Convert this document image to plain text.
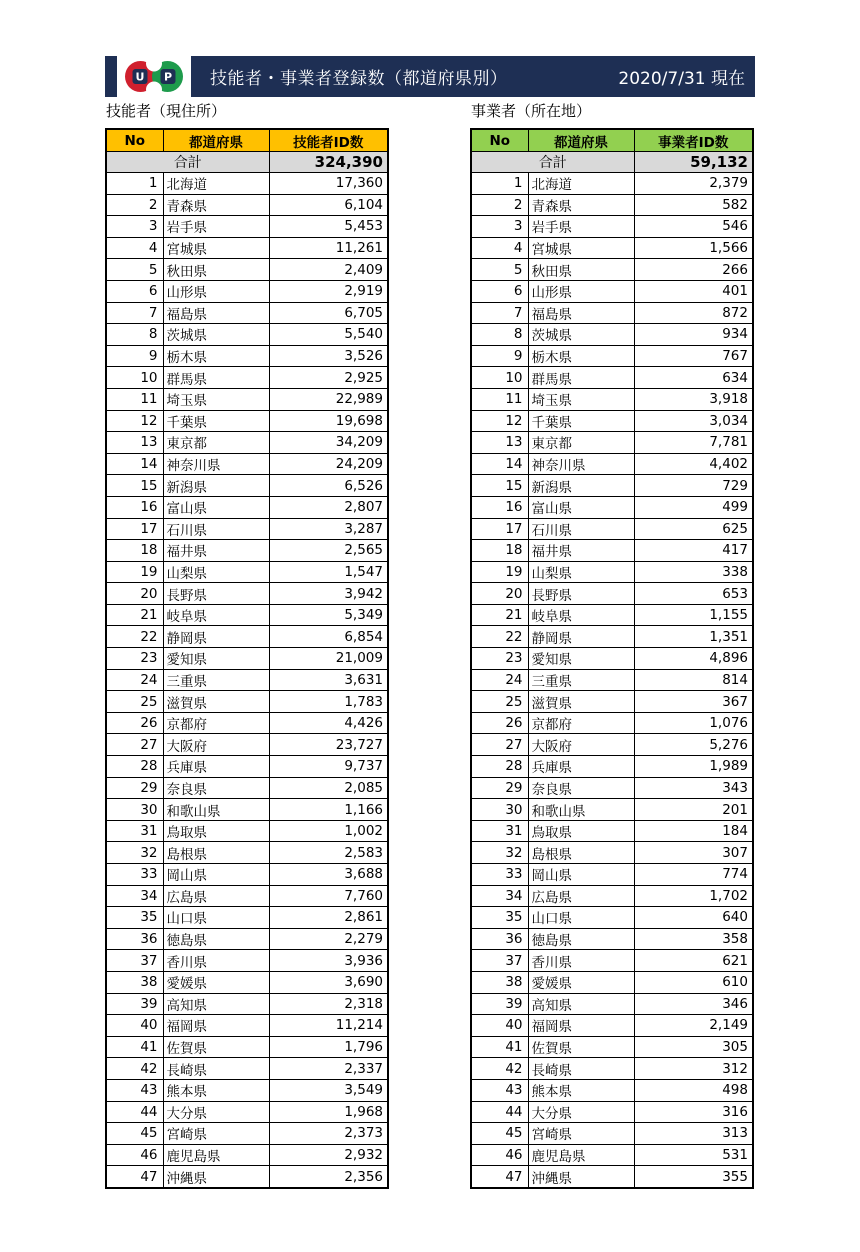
U P 技能者・事業者登録数（都道府県別）	2020/7/31 現在
技能者（現住所）
No	都道府県	技能者ID数
合計		324,390
1	北海道	17,360
2	青森県	6,104
3	岩手県	5,453
4	宮城県	11,261
5	秋田県	2,409
6	山形県	2,919
7	福島県	6,705
8	茨城県	5,540
9	栃木県	3,526
10	群馬県	2,925
11	埼玉県	22,989
12	千葉県	19,698
13	東京都	34,209
14	神奈川県	24,209
15	新潟県	6,526
16	富山県	2,807
17	石川県	3,287
18	福井県	2,565
19	山梨県	1,547
20	長野県	3,942
21	岐阜県	5,349
22	静岡県	6,854
23	愛知県	21,009
24	三重県	3,631
25	滋賀県	1,783
26	京都府	4,426
27	大阪府	23,727
28	兵庫県	9,737
29	奈良県	2,085
30	和歌山県	1,166
31	鳥取県	1,002
32	島根県	2,583
33	岡山県	3,688
34	広島県	7,760
35	山口県	2,861
36	徳島県	2,279
37	香川県	3,936
38	愛媛県	3,690
39	高知県	2,318
40	福岡県	11,214
41	佐賀県	1,796
42	長崎県	2,337
43	熊本県	3,549
44	大分県	1,968
45	宮崎県	2,373
46	鹿児島県	2,932
47	沖縄県	2,356
事業者（所在地）
No	都道府県	事業者ID数
合計		59,132
1	北海道	2,379
2	青森県	582
3	岩手県	546
4	宮城県	1,566
5	秋田県	266
6	山形県	401
7	福島県	872
8	茨城県	934
9	栃木県	767
10	群馬県	634
11	埼玉県	3,918
12	千葉県	3,034
13	東京都	7,781
14	神奈川県	4,402
15	新潟県	729
16	富山県	499
17	石川県	625
18	福井県	417
19	山梨県	338
20	長野県	653
21	岐阜県	1,155
22	静岡県	1,351
23	愛知県	4,896
24	三重県	814
25	滋賀県	367
26	京都府	1,076
27	大阪府	5,276
28	兵庫県	1,989
29	奈良県	343
30	和歌山県	201
31	鳥取県	184
32	島根県	307
33	岡山県	774
34	広島県	1,702
35	山口県	640
36	徳島県	358
37	香川県	621
38	愛媛県	610
39	高知県	346
40	福岡県	2,149
41	佐賀県	305
42	長崎県	312
43	熊本県	498
44	大分県	316
45	宮崎県	313
46	鹿児島県	531
47	沖縄県	355
